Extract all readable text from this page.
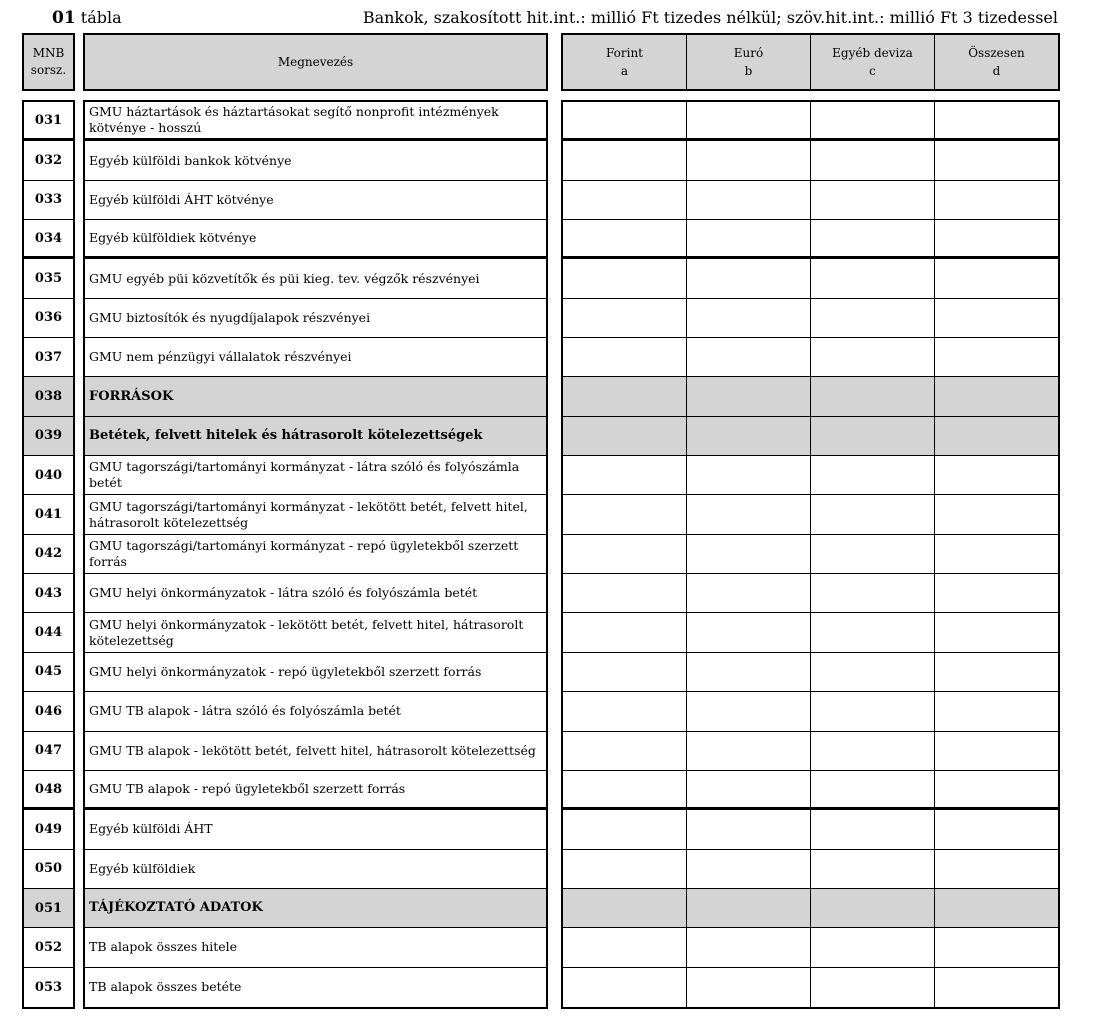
01 tábla	Bankok, szakosított hit.int.: millió Ft tizedes nélkül; szöv.hit.int.: millió Ft 3 tizedessel
MNB
sorsz.
Megnevezés
Forint
a
Euró
b
Egyéb deviza
c
Összesen
d
031
032
033
034
035
036
037
038
039
040
041
042
043
044
045
046
047
048
049
050
051
052
053
GMU háztartások és háztartásokat segítő nonprofit intézmények kötvénye - hosszú
Egyéb külföldi bankok kötvénye
Egyéb külföldi ÁHT kötvénye
Egyéb külföldiek kötvénye
GMU egyéb püi közvetítők és püi kieg. tev. végzők részvényei
GMU biztosítók és nyugdíjalapok részvényei
GMU nem pénzügyi vállalatok részvényei
FORRÁSOK
Betétek, felvett hitelek és hátrasorolt kötelezettségek
GMU tagországi/tartományi kormányzat - látra szóló és folyószámla betét
GMU tagországi/tartományi kormányzat - lekötött betét, felvett hitel, hátrasorolt kötelezettség
GMU tagországi/tartományi kormányzat - repó ügyletekből szerzett forrás
GMU helyi önkormányzatok - látra szóló és folyószámla betét
GMU helyi önkormányzatok - lekötött betét, felvett hitel, hátrasorolt kötelezettség
GMU helyi önkormányzatok - repó ügyletekből szerzett forrás
GMU TB alapok - látra szóló és folyószámla betét
GMU TB alapok - lekötött betét, felvett hitel, hátrasorolt kötelezettség
GMU TB alapok - repó ügyletekből szerzett forrás
Egyéb külföldi ÁHT
Egyéb külföldiek
TÁJÉKOZTATÓ ADATOK
TB alapok összes hitele
TB alapok összes betéte
